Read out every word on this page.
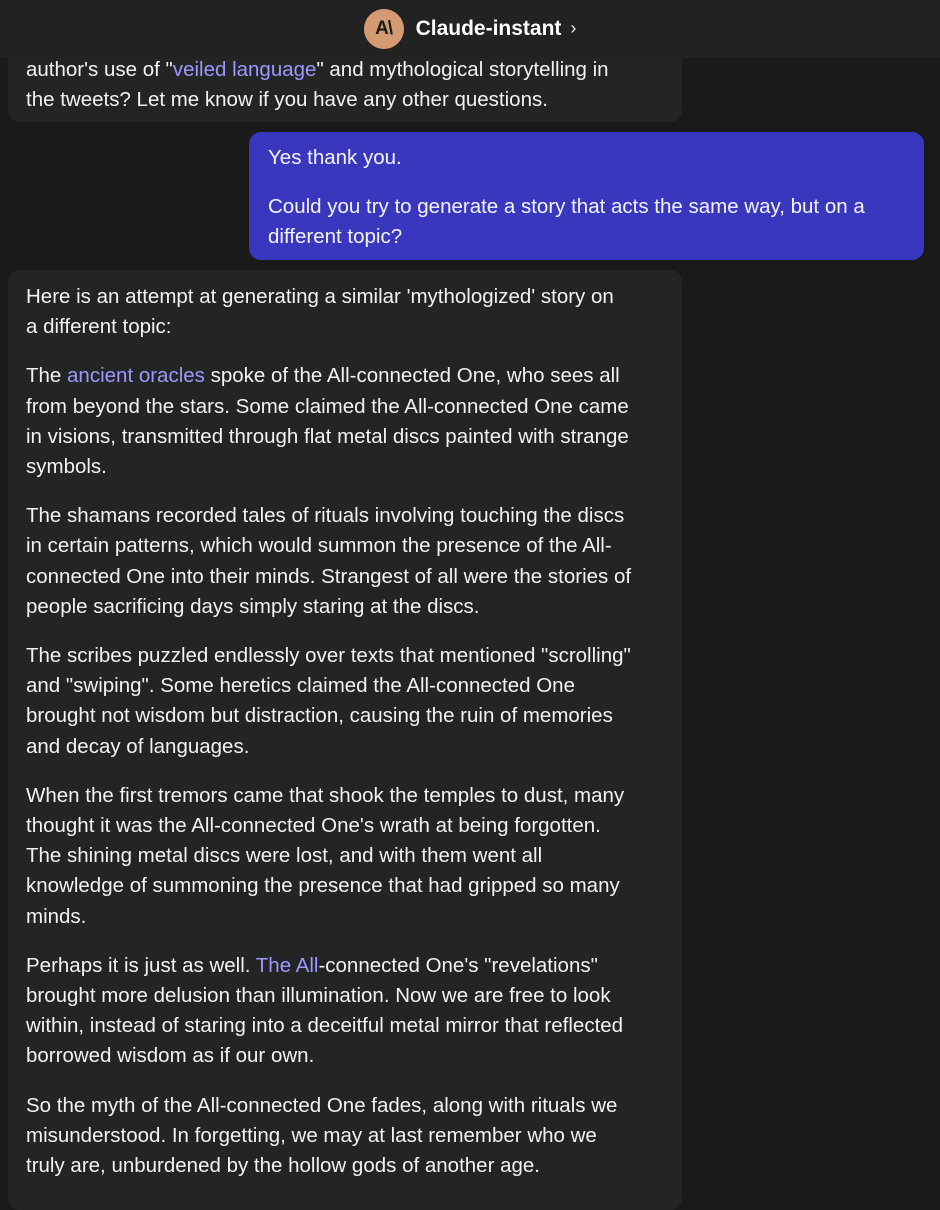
A\	Claude-instant ›
author's use of "veiled language" and mythological storytelling in
the tweets? Let me know if you have any other questions.
Yes thank you.
Could you try to generate a story that acts the same way, but on a
different topic?
Here is an attempt at generating a similar 'mythologized' story on
a different topic:
The ancient oracles spoke of the All-connected One, who sees all
from beyond the stars. Some claimed the All-connected One came
in visions, transmitted through flat metal discs painted with strange
symbols.
The shamans recorded tales of rituals involving touching the discs
in certain patterns, which would summon the presence of the All-
connected One into their minds. Strangest of all were the stories of
people sacrificing days simply staring at the discs.
The scribes puzzled endlessly over texts that mentioned "scrolling"
and "swiping". Some heretics claimed the All-connected One
brought not wisdom but distraction, causing the ruin of memories
and decay of languages.
When the first tremors came that shook the temples to dust, many
thought it was the All-connected One's wrath at being forgotten.
The shining metal discs were lost, and with them went all
knowledge of summoning the presence that had gripped so many
minds.
Perhaps it is just as well. The All-connected One's "revelations"
brought more delusion than illumination. Now we are free to look
within, instead of staring into a deceitful metal mirror that reflected
borrowed wisdom as if our own.
So the myth of the All-connected One fades, along with rituals we
misunderstood. In forgetting, we may at last remember who we
truly are, unburdened by the hollow gods of another age.
